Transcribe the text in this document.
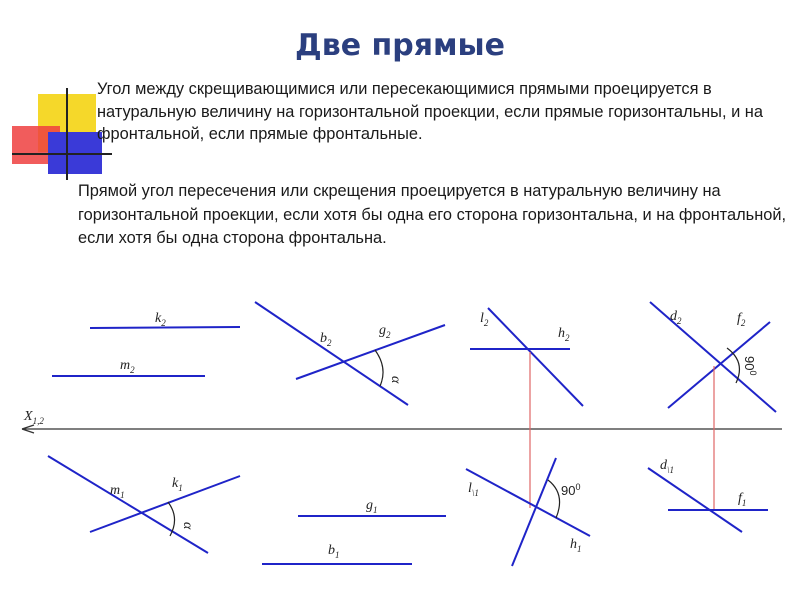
Две прямые
Угол между скрещивающимися или пересекающимися прямыми проецируется в натуральную величину на горизонтальной проекции, если прямые горизонтальны, и на фронтальной, если прямые фронтальные.
Прямой угол пересечения или скрещения проецируется в натуральную величину на горизонтальной проекции, если хотя бы одна его сторона горизонтальна, и на фронтальной, если хотя бы одна сторона фронтальна.
$X_{1,2}$
$k_2$
$m_2$
$b_2$
$g_2$
α
$l_2$
$h_2$
$d_2$	$f_2$
$90^0$
$m_1$
$k_1$
α
$g_1$
$b_1$
$l_{\backslash 1}$
$h_1$
$90^0$
$d_{\backslash 1}$
$f_1$
